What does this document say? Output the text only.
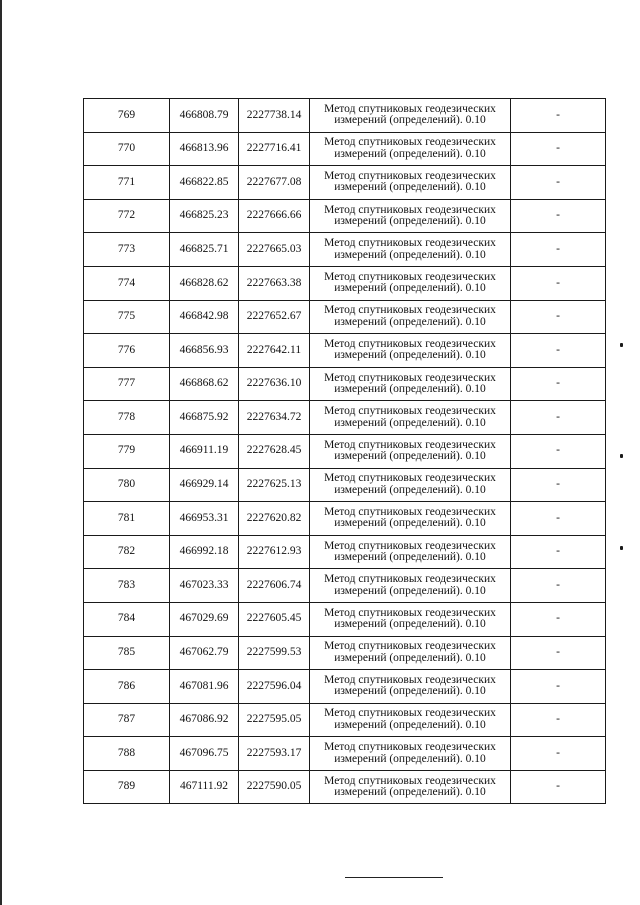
769	466808.79	2227738.14	Метод спутниковых геодезических
измерений (определений). 0.10	-
770	466813.96	2227716.41	Метод спутниковых геодезических
измерений (определений). 0.10	-
771	466822.85	2227677.08	Метод спутниковых геодезических
измерений (определений). 0.10	-
772	466825.23	2227666.66	Метод спутниковых геодезических
измерений (определений). 0.10	-
773	466825.71	2227665.03	Метод спутниковых геодезических
измерений (определений). 0.10	-
774	466828.62	2227663.38	Метод спутниковых геодезических
измерений (определений). 0.10	-
775	466842.98	2227652.67	Метод спутниковых геодезических
измерений (определений). 0.10	-
776	466856.93	2227642.11	Метод спутниковых геодезических
измерений (определений). 0.10	-
777	466868.62	2227636.10	Метод спутниковых геодезических
измерений (определений). 0.10	-
778	466875.92	2227634.72	Метод спутниковых геодезических
измерений (определений). 0.10	-
779	466911.19	2227628.45	Метод спутниковых геодезических
измерений (определений). 0.10	-
780	466929.14	2227625.13	Метод спутниковых геодезических
измерений (определений). 0.10	-
781	466953.31	2227620.82	Метод спутниковых геодезических
измерений (определений). 0.10	-
782	466992.18	2227612.93	Метод спутниковых геодезических
измерений (определений). 0.10	-
783	467023.33	2227606.74	Метод спутниковых геодезических
измерений (определений). 0.10	-
784	467029.69	2227605.45	Метод спутниковых геодезических
измерений (определений). 0.10	-
785	467062.79	2227599.53	Метод спутниковых геодезических
измерений (определений). 0.10	-
786	467081.96	2227596.04	Метод спутниковых геодезических
измерений (определений). 0.10	-
787	467086.92	2227595.05	Метод спутниковых геодезических
измерений (определений). 0.10	-
788	467096.75	2227593.17	Метод спутниковых геодезических
измерений (определений). 0.10	-
789	467111.92	2227590.05	Метод спутниковых геодезических
измерений (определений). 0.10	-
